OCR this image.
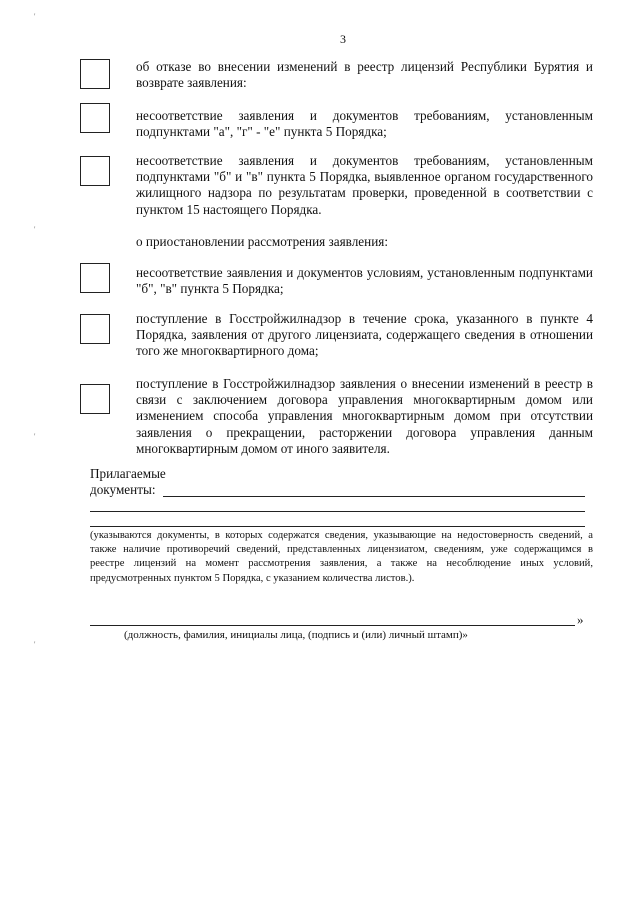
3
'
'
'
'
об отказе во внесении изменений в реестр лицензий Республики Бурятия и возврате заявления:
несоответствие заявления и документов требованиям, установленным подпунктами "а", "г" - "е" пункта 5 Порядка;
несоответствие заявления и документов требованиям, установленным подпунктами "б" и "в" пункта 5 Порядка, выявленное органом государственного жилищного надзора по результатам проверки, проведенной в соответствии с пунктом 15 настоящего Порядка.
о приостановлении рассмотрения заявления:
несоответствие заявления и документов условиям, установленным подпунктами "б", "в" пункта 5 Порядка;
поступление в Госстройжилнадзор в течение срока, указанного в пункте 4 Порядка, заявления от другого лицензиата, содержащего сведения в отношении того же многоквартирного дома;
поступление в Госстройжилнадзор заявления о внесении изменений в реестр в связи с заключением договора управления многоквартирным домом или изменением способа управления многоквартирным домом при отсутствии заявления о прекращении, расторжении договора управления данным многоквартирным домом от иного заявителя.
Прилагаемые
документы:
(указываются документы, в которых содержатся сведения, указывающие на недостоверность сведений, а также наличие противоречий сведений, представленных лицензиатом, сведениям, уже содержащимся в реестре лицензий на момент рассмотрения заявления, а также на несоблюдение иных условий, предусмотренных пунктом 5 Порядка, с указанием количества листов.).
»
(должность, фамилия, инициалы лица, (подпись и (или) личный штамп)»
